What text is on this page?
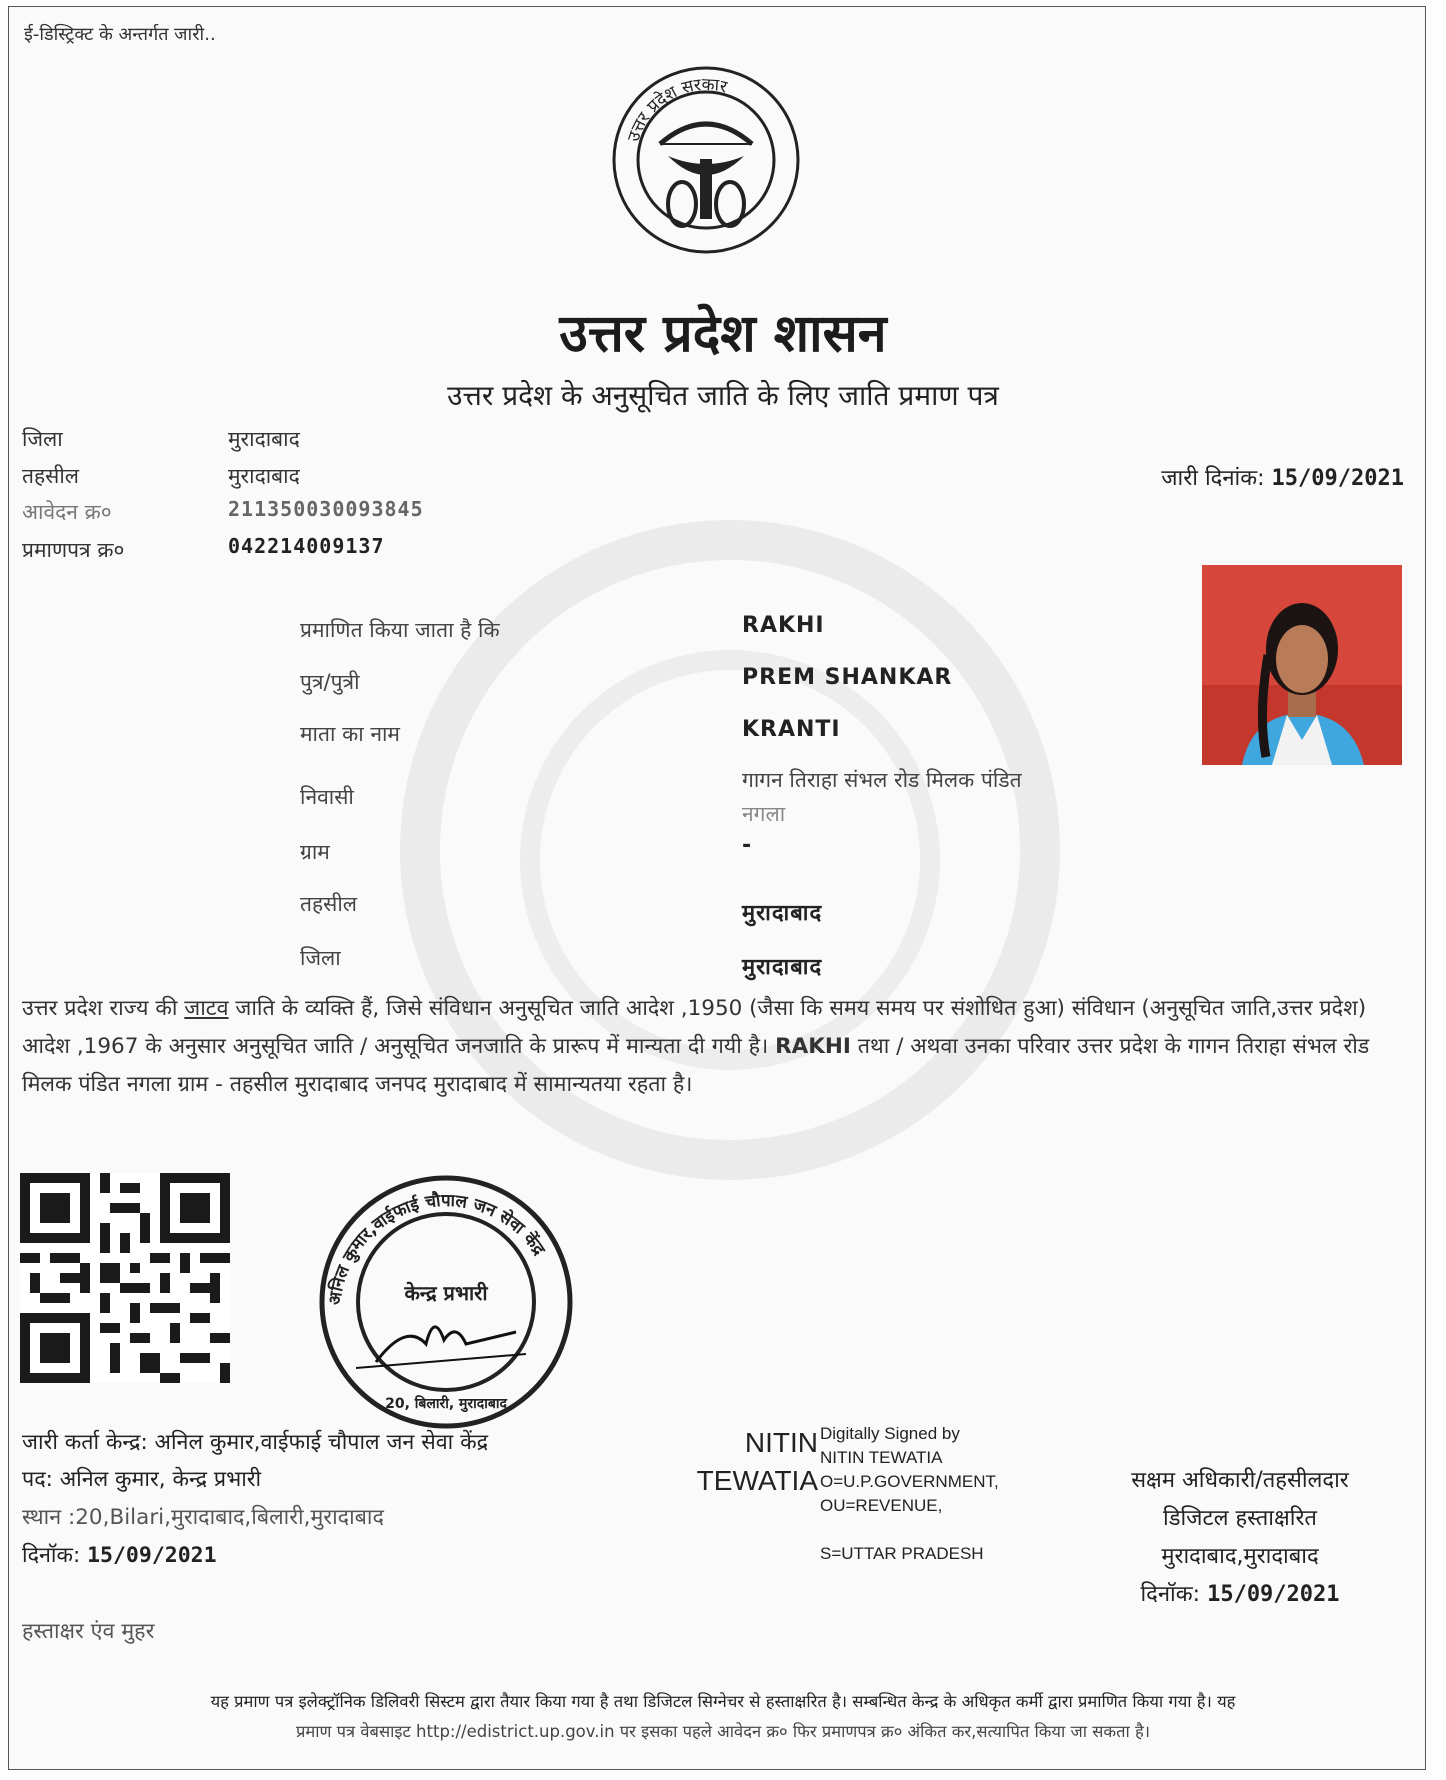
ई-डिस्ट्रिक्ट के अन्तर्गत जारी..
उत्तर प्रदेश सरकार
उत्तर प्रदेश शासन
उत्तर प्रदेश के अनुसूचित जाति के लिए जाति प्रमाण पत्र
जिला	मुरादाबाद
तहसील	मुरादाबाद
आवेदन क्र०	211350030093845
प्रमाणपत्र क्र०	042214009137
जारी दिनांक: 15/09/2021
प्रमाणित किया जाता है कि	RAKHI
पुत्र/पुत्री	PREM SHANKAR
माता का नाम	KRANTI
निवासी
गागन तिराहा संभल रोड मिलक पंडित
नगला
ग्राम	-
तहसील	मुरादाबाद
जिला	मुरादाबाद
उत्तर प्रदेश राज्य की जाटव जाति के व्यक्ति हैं, जिसे संविधान अनुसूचित जाति आदेश ,1950 (जैसा कि समय समय पर संशोधित हुआ) संविधान (अनुसूचित जाति,उत्तर प्रदेश) आदेश ,1967 के अनुसार अनुसूचित जाति / अनुसूचित जनजाति के प्रारूप में मान्यता दी गयी है। RAKHI तथा / अथवा उनका परिवार उत्तर प्रदेश के गागन तिराहा संभल रोड मिलक पंडित नगला ग्राम - तहसील मुरादाबाद जनपद मुरादाबाद में सामान्यतया रहता है।
अनिल कुमार,वाईफाई चौपाल जन सेवा केंद्र
केन्द्र प्रभारी
20, बिलारी, मुरादाबाद
जारी कर्ता केन्द्र: अनिल कुमार,वाईफाई चौपाल जन सेवा केंद्र
पद: अनिल कुमार, केन्द्र प्रभारी
स्थान :20,Bilari,मुरादाबाद,बिलारी,मुरादाबाद
दिनॉक: 15/09/2021
हस्ताक्षर एंव मुहर
NITIN
TEWATIA
Digitally Signed by
NITIN TEWATIA
O=U.P.GOVERNMENT,
OU=REVENUE,
S=UTTAR PRADESH
सक्षम अधिकारी/तहसीलदार
डिजिटल हस्ताक्षरित
मुरादाबाद,मुरादाबाद
दिनॉक: 15/09/2021
यह प्रमाण पत्र इलेक्ट्रॉनिक डिलिवरी सिस्टम द्वारा तैयार किया गया है तथा डिजिटल सिग्नेचर से हस्ताक्षरित है। सम्बन्धित केन्द्र के अधिकृत कर्मी द्वारा प्रमाणित किया गया है। यह
प्रमाण पत्र वेबसाइट http://edistrict.up.gov.in पर इसका पहले आवेदन क्र० फिर प्रमाणपत्र क्र० अंकित कर,सत्यापित किया जा सकता है।
